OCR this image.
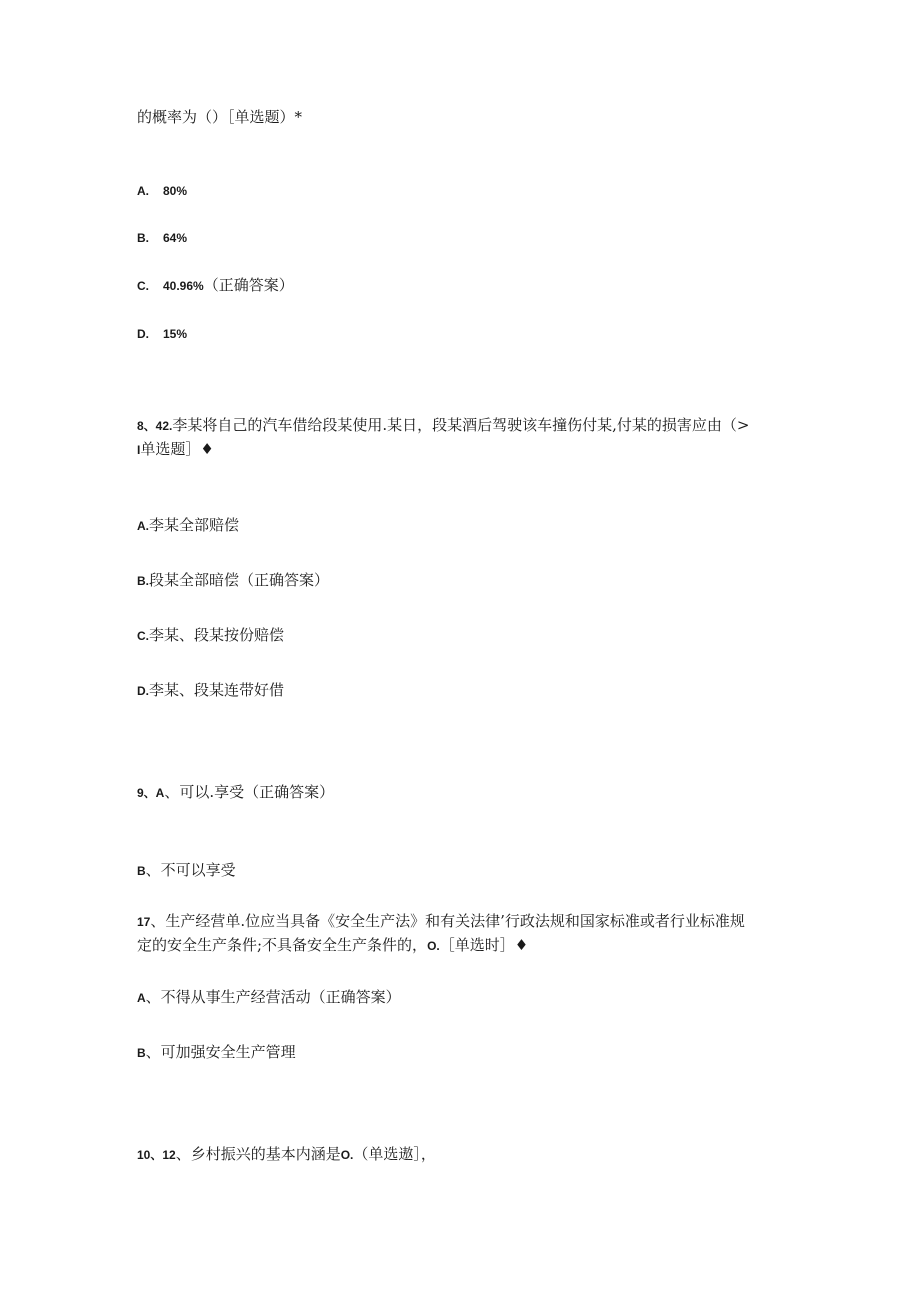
的概率为（）［单选题）*

A. 80%

B. 64%

C. 40.96%（正确答案）

D. 15%

8、42.李某将自己的汽车借给段某使用.某日，段某酒后驾驶该车撞伤付某,付某的损害应由（>

I单选题］♦

A.李某全部赔偿

B.段某全部暗偿（正确答案）

C.李某、段某按份赔偿

D.李某、段某连带好借

9、A、可以.享受（正确答案）

B、不可以享受

17、生产经营单.位应当具备《安全生产法》和有关法律’行政法规和国家标准或者行业标准规

定的安全生产条件;不具备安全生产条件的，O.［单选时］♦

A、不得从事生产经营活动（正确答案）

B、可加强安全生产管理

10、12、乡村振兴的基本内涵是O.（单选遨］，
